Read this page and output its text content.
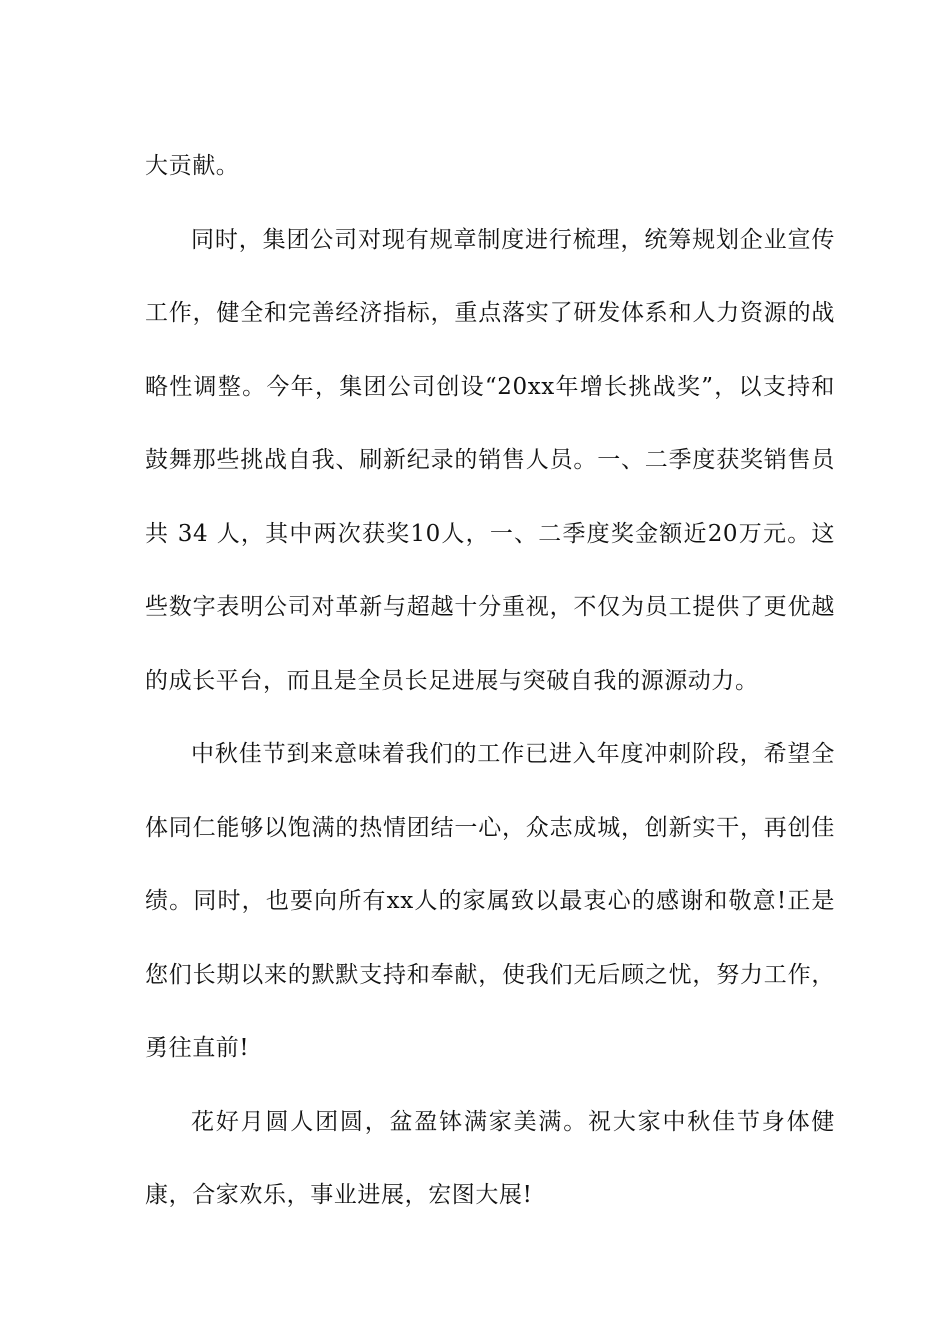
大贡献。

同时，集团公司对现有规章制度进行梳理，统筹规划企业宣传工作，健全和完善经济指标，重点落实了研发体系和人力资源的战略性调整。今年，集团公司创设“20xx年增长挑战奖”，以支持和鼓舞那些挑战自我、刷新纪录的销售人员。一、二季度获奖销售员共 34 人，其中两次获奖10人，一、二季度奖金额近20万元。这些数字表明公司对革新与超越十分重视，不仅为员工提供了更优越的成长平台，而且是全员长足进展与突破自我的源源动力。

中秋佳节到来意味着我们的工作已进入年度冲刺阶段，希望全体同仁能够以饱满的热情团结一心，众志成城，创新实干，再创佳绩。同时，也要向所有xx人的家属致以最衷心的感谢和敬意!正是您们长期以来的默默支持和奉献，使我们无后顾之忧，努力工作，勇往直前!

花好月圆人团圆，盆盈钵满家美满。祝大家中秋佳节身体健康，合家欢乐，事业进展，宏图大展!
